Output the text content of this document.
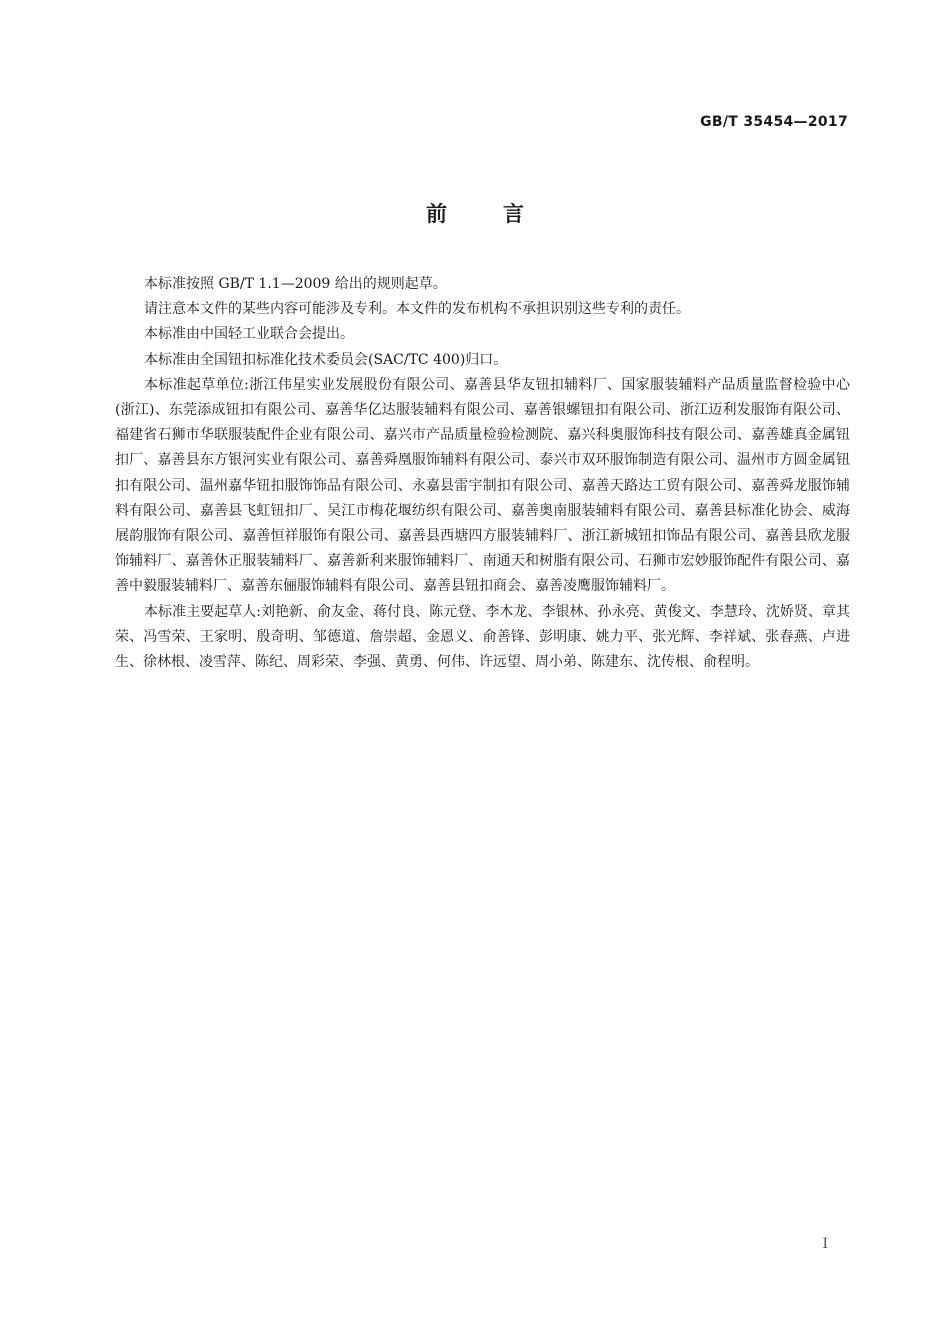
GB/T 35454—2017
前言

本标准按照 GB/T 1.1—2009 给出的规则起草。

请注意本文件的某些内容可能涉及专利。本文件的发布机构不承担识别这些专利的责任。

本标准由中国轻工业联合会提出。

本标准由全国钮扣标准化技术委员会(SAC/TC 400)归口。

本标准起草单位:浙江伟星实业发展股份有限公司、嘉善县华友钮扣辅料厂、国家服装辅料产品质量监督检验中心(浙江)、东莞添成钮扣有限公司、嘉善华亿达服装辅料有限公司、嘉善银螺钮扣有限公司、浙江迈利发服饰有限公司、福建省石狮市华联服装配件企业有限公司、嘉兴市产品质量检验检测院、嘉兴科奥服饰科技有限公司、嘉善雄真金属钮扣厂、嘉善县东方银河实业有限公司、嘉善舜凰服饰辅料有限公司、泰兴市双环服饰制造有限公司、温州市方圆金属钮扣有限公司、温州嘉华钮扣服饰饰品有限公司、永嘉县雷宇制扣有限公司、嘉善天路达工贸有限公司、嘉善舜龙服饰辅料有限公司、嘉善县飞虹钮扣厂、吴江市梅花堰纺织有限公司、嘉善奥南服装辅料有限公司、嘉善县标准化协会、威海展韵服饰有限公司、嘉善恒祥服饰有限公司、嘉善县西塘四方服装辅料厂、浙江新城钮扣饰品有限公司、嘉善县欣龙服饰辅料厂、嘉善休正服装辅料厂、嘉善新利来服饰辅料厂、南通天和树脂有限公司、石狮市宏妙服饰配件有限公司、嘉善中毅服装辅料厂、嘉善东俪服饰辅料有限公司、嘉善县钮扣商会、嘉善凌鹰服饰辅料厂。

本标准主要起草人:刘艳新、俞友金、蒋付良、陈元登、李木龙、李银林、孙永亮、黄俊文、李慧玲、沈娇贤、章其荣、冯雪荣、王家明、殷奇明、邹德道、詹崇超、金恩义、俞善锋、彭明康、姚力平、张光辉、李祥斌、张春燕、卢进生、徐林根、凌雪萍、陈纪、周彩荣、李强、黄勇、何伟、许远望、周小弟、陈建东、沈传根、俞程明。

I
